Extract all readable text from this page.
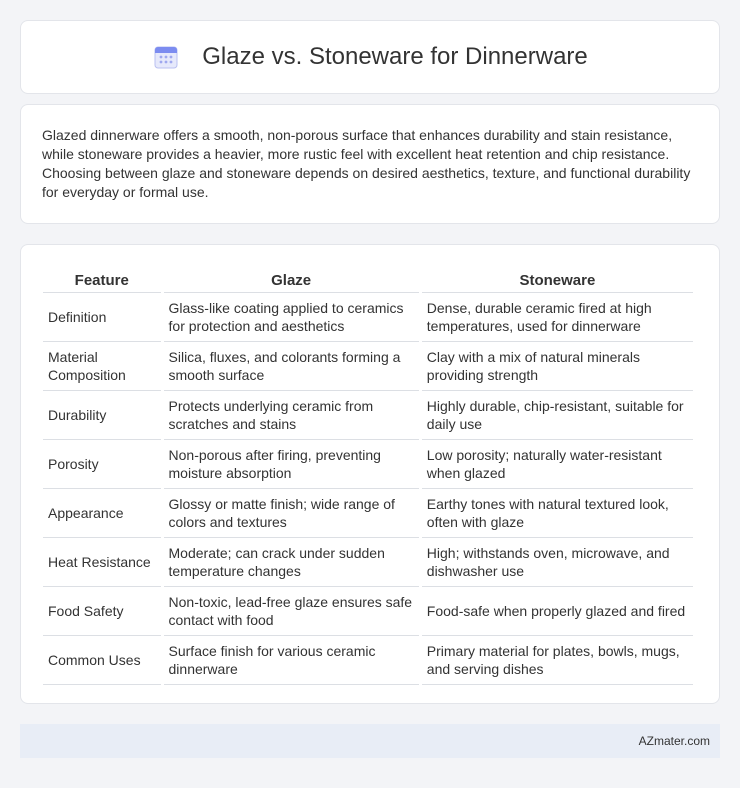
Glaze vs. Stoneware for Dinnerware

Glazed dinnerware offers a smooth, non-porous surface that enhances durability and stain resistance, while stoneware provides a heavier, more rustic feel with excellent heat retention and chip resistance. Choosing between glaze and stoneware depends on desired aesthetics, texture, and functional durability for everyday or formal use.

Feature	Glaze	Stoneware
Definition	Glass-like coating applied to ceramics for protection and aesthetics	Dense, durable ceramic fired at high temperatures, used for dinnerware
Material Composition	Silica, fluxes, and colorants forming a smooth surface	Clay with a mix of natural minerals providing strength
Durability	Protects underlying ceramic from scratches and stains	Highly durable, chip-resistant, suitable for daily use
Porosity	Non-porous after firing, preventing moisture absorption	Low porosity; naturally water-resistant when glazed
Appearance	Glossy or matte finish; wide range of colors and textures	Earthy tones with natural textured look, often with glaze
Heat Resistance	Moderate; can crack under sudden temperature changes	High; withstands oven, microwave, and dishwasher use
Food Safety	Non-toxic, lead-free glaze ensures safe contact with food	Food-safe when properly glazed and fired
Common Uses	Surface finish for various ceramic dinnerware	Primary material for plates, bowls, mugs, and serving dishes
AZmater.com
